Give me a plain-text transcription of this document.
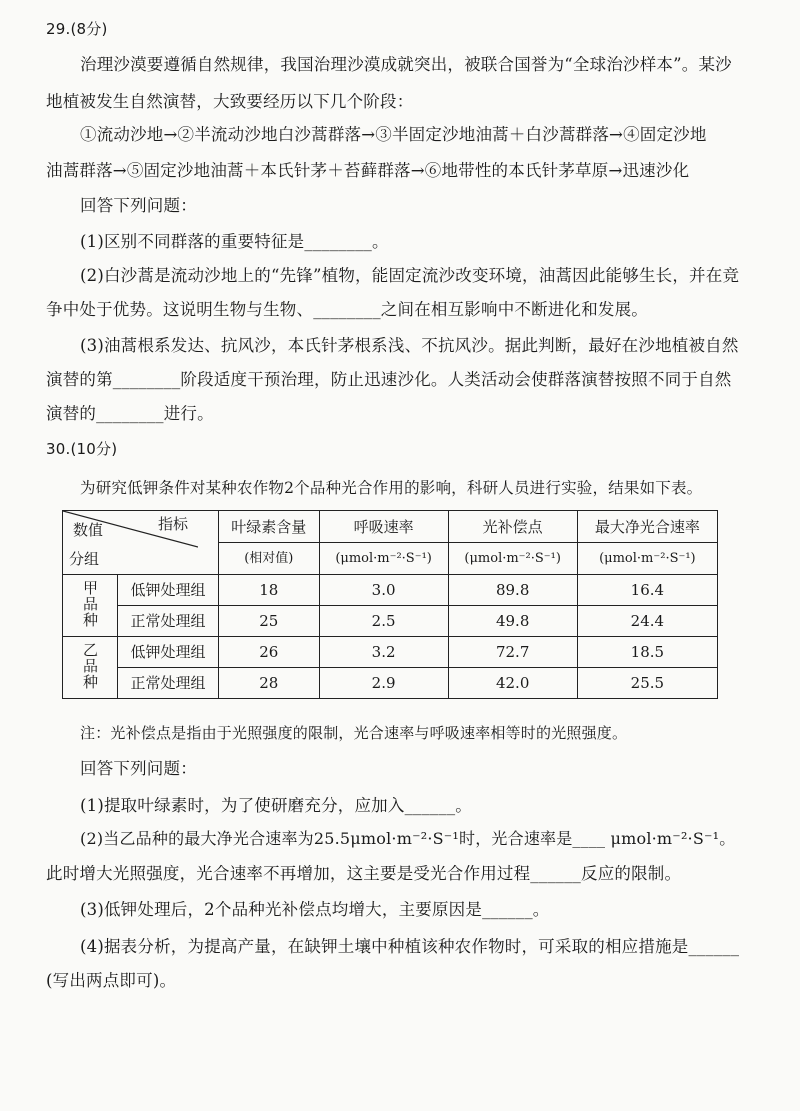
29.(8分)
治理沙漠要遵循自然规律，我国治理沙漠成就突出，被联合国誉为“全球治沙样本”。某沙
地植被发生自然演替，大致要经历以下几个阶段：
①流动沙地→②半流动沙地白沙蒿群落→③半固定沙地油蒿＋白沙蒿群落→④固定沙地
油蒿群落→⑤固定沙地油蒿＋本氏针茅＋苔藓群落→⑥地带性的本氏针茅草原→迅速沙化
回答下列问题：
(1)区别不同群落的重要特征是________。
(2)白沙蒿是流动沙地上的“先锋”植物，能固定流沙改变环境，油蒿因此能够生长，并在竞
争中处于优势。这说明生物与生物、________之间在相互影响中不断进化和发展。
(3)油蒿根系发达、抗风沙，本氏针茅根系浅、不抗风沙。据此判断，最好在沙地植被自然
演替的第________阶段适度干预治理，防止迅速沙化。人类活动会使群落演替按照不同于自然
演替的________进行。
30.(10分)
为研究低钾条件对某种农作物2个品种光合作用的影响，科研人员进行实验，结果如下表。
指标
数值
分组		叶绿素含量	呼吸速率	光补偿点	最大净光合速率
		(相对值)	(μmol·m⁻²·S⁻¹)	(μmol·m⁻²·S⁻¹)	(μmol·m⁻²·S⁻¹)
甲品种	低钾处理组	18	3.0	89.8	16.4
	正常处理组	25	2.5	49.8	24.4
乙品种	低钾处理组	26	3.2	72.7	18.5
	正常处理组	28	2.9	42.0	25.5
注：光补偿点是指由于光照强度的限制，光合速率与呼吸速率相等时的光照强度。
回答下列问题：
(1)提取叶绿素时，为了使研磨充分，应加入______。
(2)当乙品种的最大净光合速率为25.5μmol·m⁻²·S⁻¹时，光合速率是____ μmol·m⁻²·S⁻¹。
此时增大光照强度，光合速率不再增加，这主要是受光合作用过程______反应的限制。
(3)低钾处理后，2个品种光补偿点均增大，主要原因是______。
(4)据表分析，为提高产量，在缺钾土壤中种植该种农作物时，可采取的相应措施是______
(写出两点即可)。
